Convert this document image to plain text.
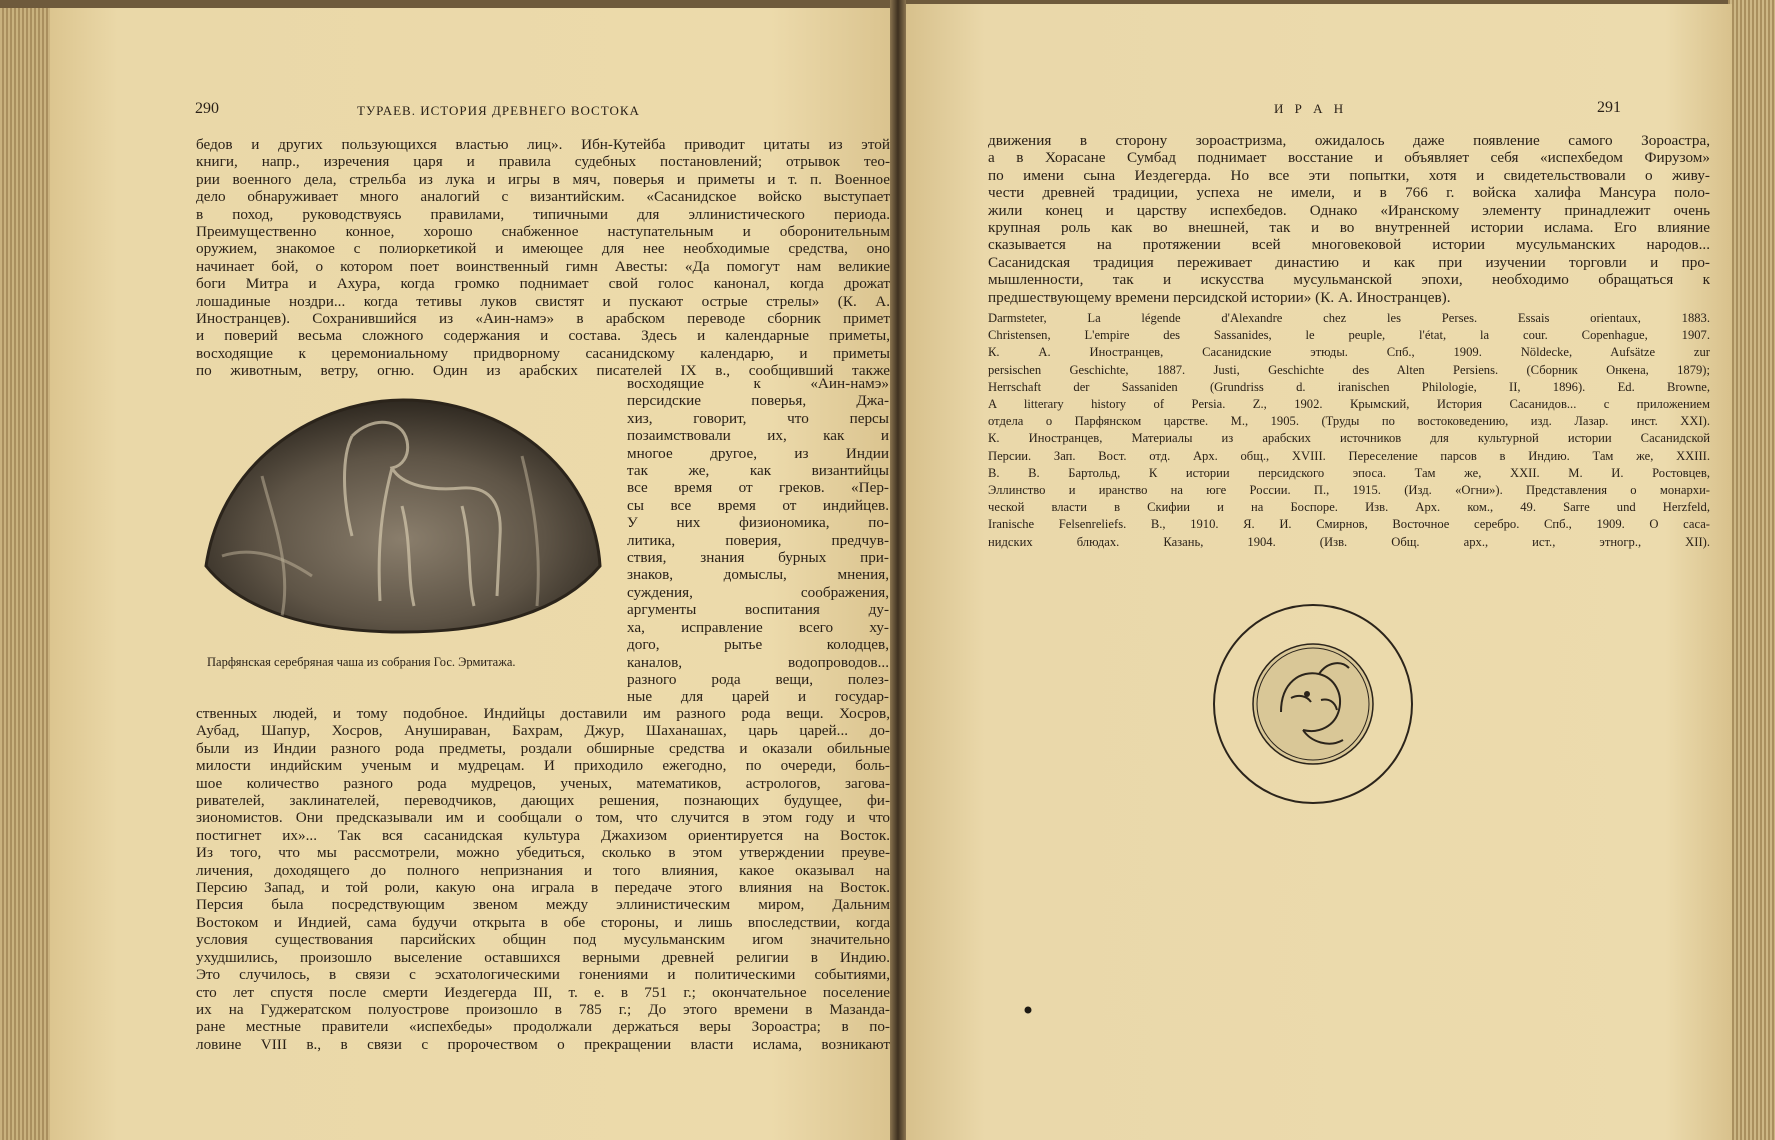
290	ТУРАЕВ. ИСТОРИЯ ДРЕВНЕГО ВОСТОКА
бедов и других пользующихся властью лиц». Ибн-Кутейба приводит цитаты из этой
книги, напр., изречения царя и правила судебных постановлений; отрывок тео-
рии военного дела, стрельба из лука и игры в мяч, поверья и приметы и т. п. Военное
дело обнаруживает много аналогий с византийским. «Сасанидское войско выступает
в поход, руководствуясь правилами, типичными для эллинистического периода.
Преимущественно конное, хорошо снабженное наступательным и оборонительным
оружием, знакомое с полиоркетикой и имеющее для нее необходимые средства, оно
начинает бой, о котором поет воинственный гимн Авесты: «Да помогут нам великие
боги Митра и Ахура, когда громко поднимает свой голос канонал, когда дрожат
лошадиные ноздри... когда тетивы луков свистят и пускают острые стрелы» (К. А.
Иностранцев). Сохранившийся из «Аин-намэ» в арабском переводе сборник примет
и поверий весьма сложного содержания и состава. Здесь и календарные приметы,
восходящие к церемониальному придворному сасанидскому календарю, и приметы
по животным, ветру, огню. Один из арабских писателей IX в., сообщивший также
Парфянская серебряная чаша из собрания Гос. Эрмитажа.
восходящие к «Аин-намэ»
персидские поверья, Джа-
хиз, говорит, что персы
позаимствовали их, как и
многое другое, из Индии
так же, как византийцы
все время от греков. «Пер-
сы все время от индийцев.
У них физиономика, по-
литика, поверия, предчув-
ствия, знания бурных при-
знаков, домыслы, мнения,
суждения, соображения,
аргументы воспитания ду-
ха, исправление всего ху-
дого, рытье колодцев,
каналов, водопроводов...
разного рода вещи, полез-
ные для царей и государ-
ственных людей, и тому подобное. Индийцы доставили им разного рода вещи. Хосров,
Аубад, Шапур, Хосров, Анушираван, Бахрам, Джур, Шаханашах, царь царей... до-
были из Индии разного рода предметы, роздали обширные средства и оказали обильные
милости индийским ученым и мудрецам. И приходило ежегодно, по очереди, боль-
шое количество разного рода мудрецов, ученых, математиков, астрологов, загова-
ривателей, заклинателей, переводчиков, дающих решения, познающих будущее, фи-
зиономистов. Они предсказывали им и сообщали о том, что случится в этом году и что
постигнет их»... Так вся сасанидская культура Джахизом ориентируется на Восток.
Из того, что мы рассмотрели, можно убедиться, сколько в этом утверждении преуве-
личения, доходящего до полного непризнания и того влияния, какое оказывал на
Персию Запад, и той роли, какую она играла в передаче этого влияния на Восток.
Персия была посредствующим звеном между эллинистическим миром, Дальним
Востоком и Индией, сама будучи открыта в обе стороны, и лишь впоследствии, когда
условия существования парсийских общин под мусульманским игом значительно
ухудшились, произошло выселение оставшихся верными древней религии в Индию.
Это случилось, в связи с эсхатологическими гонениями и политическими событиями,
сто лет спустя после смерти Иездегерда III, т. е. в 751 г.; окончательное поселение
их на Гуджератском полуострове произошло в 785 г.; До этого времени в Мазанда-
ране местные правители «испехбеды» продолжали держаться веры Зороастра; в по-
ловине VIII в., в связи с пророчеством о прекращении власти ислама, возникают
И Р А Н	291
движения в сторону зороастризма, ожидалось даже появление самого Зороастра,
а в Хорасане Сумбад поднимает восстание и объявляет себя «испехбедом Фирузом»
по имени сына Иездегерда. Но все эти попытки, хотя и свидетельствовали о живу-
чести древней традиции, успеха не имели, и в 766 г. войска халифа Мансура поло-
жили конец и царству испехбедов. Однако «Иранскому элементу принадлежит очень
крупная роль как во внешней, так и во внутренней истории ислама. Его влияние
сказывается на протяжении всей многовековой истории мусульманских народов...
Сасанидская традиция переживает династию и как при изучении торговли и про-
мышленности, так и искусства мусульманской эпохи, необходимо обращаться к
предшествующему времени персидской истории» (К. А. Иностранцев).
Darmsteter, La légende d'Alexandre chez les Perses. Essais orientaux, 1883.
Christensen, L'empire des Sassanides, le peuple, l'état, la cour. Copenhague, 1907.
К. А. Иностранцев, Сасанидские этюды. Спб., 1909. Nöldecke, Aufsätze zur
persischen Geschichte, 1887. Justi, Geschichte des Alten Persiens. (Сборник Онкена, 1879);
Herrschaft der Sassaniden (Grundriss d. iranischen Philologie, II, 1896). Ed. Browne,
A litterary history of Persia. Z., 1902. Крымский, История Сасанидов... с приложением
отдела о Парфянском царстве. М., 1905. (Труды по востоковедению, изд. Лазар. инст. XXI).
К. Иностранцев, Материалы из арабских источников для культурной истории Сасанидской
Персии. Зап. Вост. отд. Арх. общ., XVIII. Переселение парсов в Индию. Там же, XXIII.
В. В. Бартольд, К истории персидского эпоса. Там же, XXII. М. И. Ростовцев,
Эллинство и иранство на юге России. П., 1915. (Изд. «Огни»). Представления о монархи-
ческой власти в Скифии и на Боспоре. Изв. Арх. ком., 49. Sarre und Herzfeld,
Iranische Felsenreliefs. В., 1910. Я. И. Смирнов, Восточное серебро. Спб., 1909. О саса-
нидских блюдах. Казань, 1904. (Изв. Общ. арх., ист., этногр., XII).
